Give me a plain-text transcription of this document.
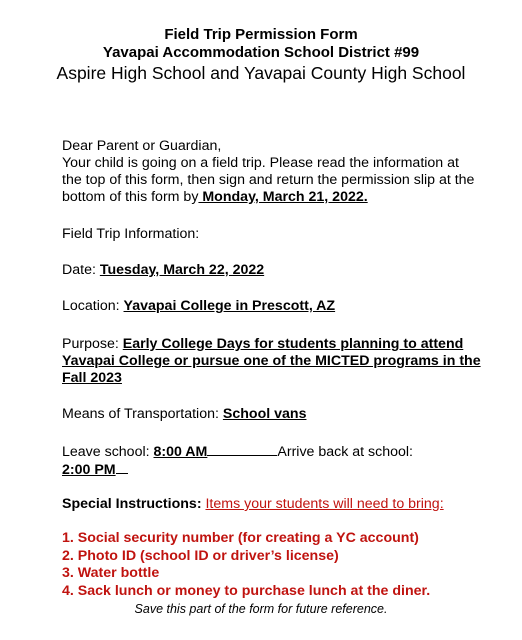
Field Trip Permission Form
Yavapai Accommodation School District #99
Aspire High School and Yavapai County High School
Dear Parent or Guardian,
Your child is going on a field trip. Please read the information at the top of this form, then sign and return the permission slip at the bottom of this form by Monday, March 21, 2022.
Field Trip Information:
Date: Tuesday, March 22, 2022
Location: Yavapai College in Prescott, AZ
Purpose: Early College Days for students planning to attend Yavapai College or pursue one of the MICTED programs in the Fall 2023
Means of Transportation: School vans
Leave school: 8:00 AM	Arrive back at school:
2:00 PM
Special Instructions: Items your students will need to bring:
1. Social security number (for creating a YC account)
2. Photo ID (school ID or driver’s license)
3. Water bottle
4. Sack lunch or money to purchase lunch at the diner.
Save this part of the form for future reference.
